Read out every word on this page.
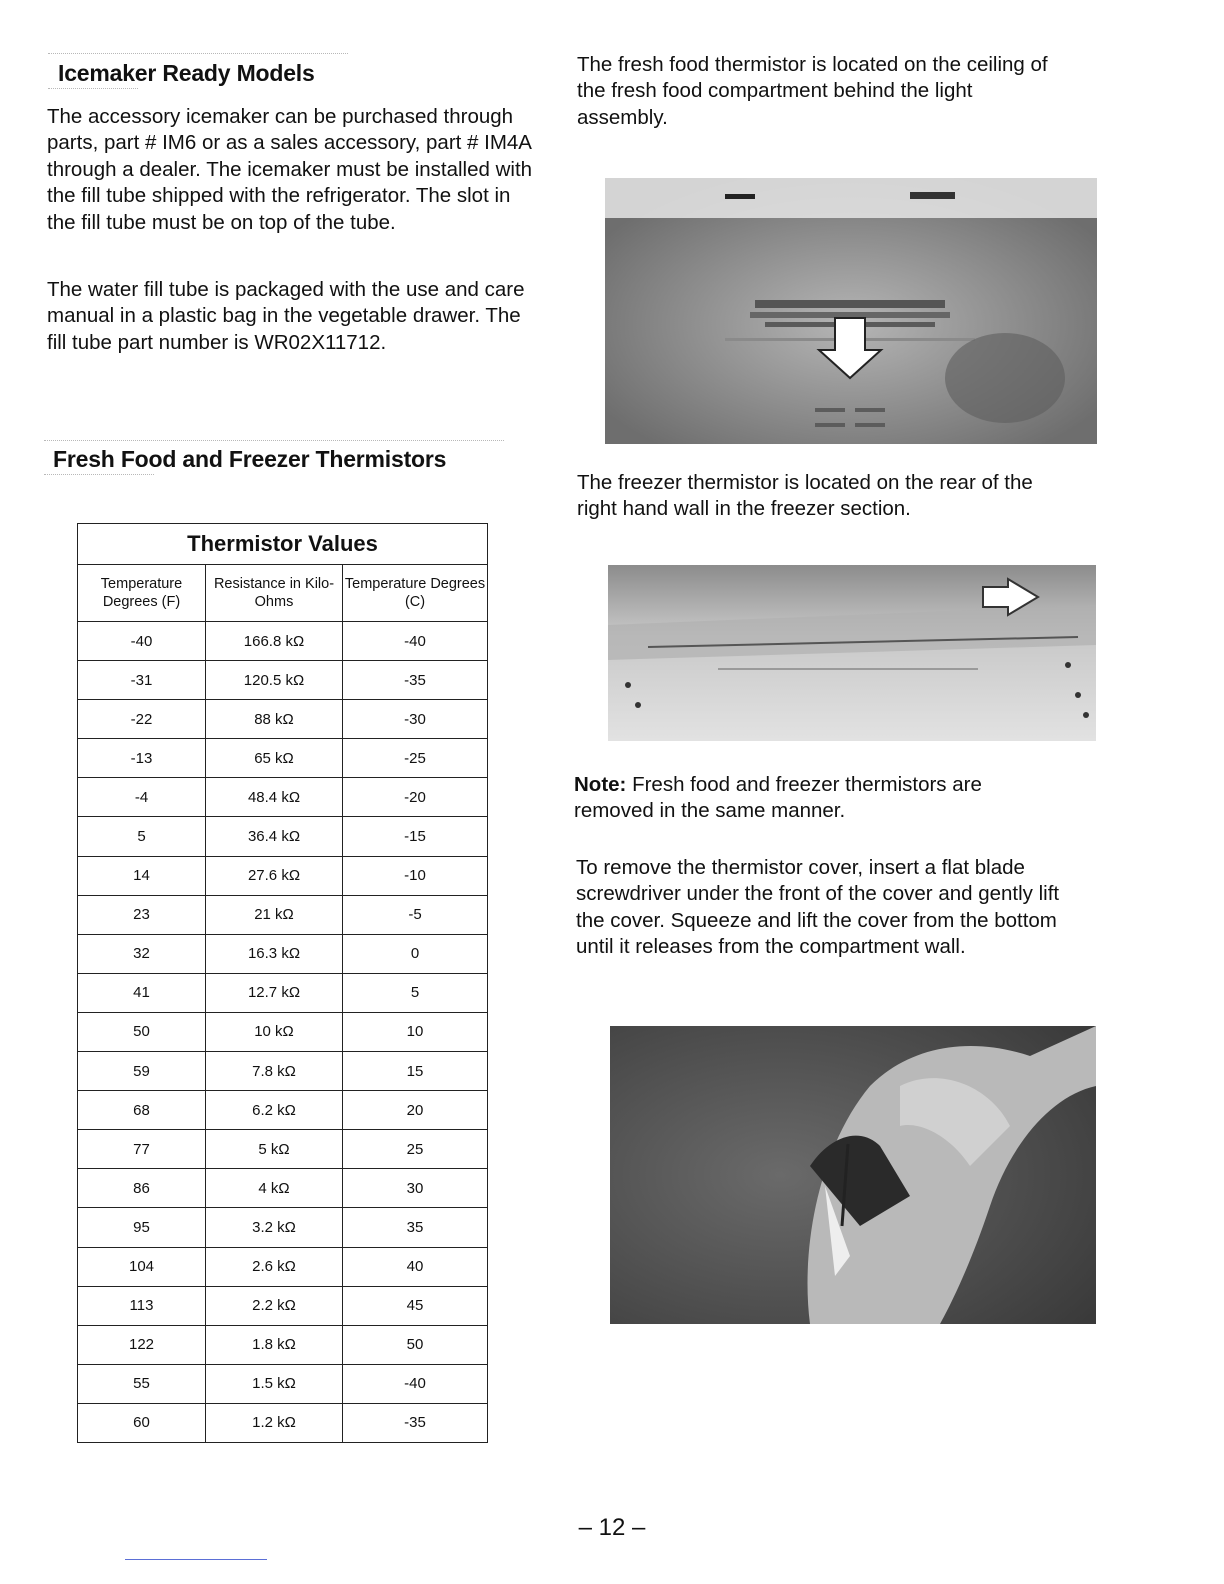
Icemaker Ready Models

The accessory icemaker can be purchased through parts, part # IM6 or as a sales accessory, part # IM4A through a dealer. The icemaker must be installed with the fill tube shipped with the refrigerator. The slot in the fill tube must be on top of the tube.

The water fill tube is packaged with the use and care manual in a plastic bag in the vegetable drawer. The fill tube part number is WR02X11712.

Fresh Food and Freezer Thermistors
Thermistor Values		
Temperature Degrees (F)	Resistance in Kilo-Ohms	Temperature Degrees (C)
-40	166.8 kΩ	-40
-31	120.5 kΩ	-35
-22	88 kΩ	-30
-13	65 kΩ	-25
-4	48.4 kΩ	-20
5	36.4 kΩ	-15
14	27.6 kΩ	-10
23	21 kΩ	-5
32	16.3 kΩ	0
41	12.7 kΩ	5
50	10 kΩ	10
59	7.8 kΩ	15
68	6.2 kΩ	20
77	5 kΩ	25
86	4 kΩ	30
95	3.2 kΩ	35
104	2.6 kΩ	40
113	2.2 kΩ	45
122	1.8 kΩ	50
55	1.5 kΩ	-40
60	1.2 kΩ	-35

The fresh food thermistor is located on the ceiling of the fresh food compartment behind the light assembly.

The freezer thermistor is located on the rear of the right hand wall in the freezer section.

Note: Fresh food and freezer thermistors are removed in the same manner.

To remove the thermistor cover, insert a flat blade screwdriver under the front of the cover and gently lift the cover. Squeeze and lift the cover from the bottom until it releases from the compartment wall.

– 12 –
